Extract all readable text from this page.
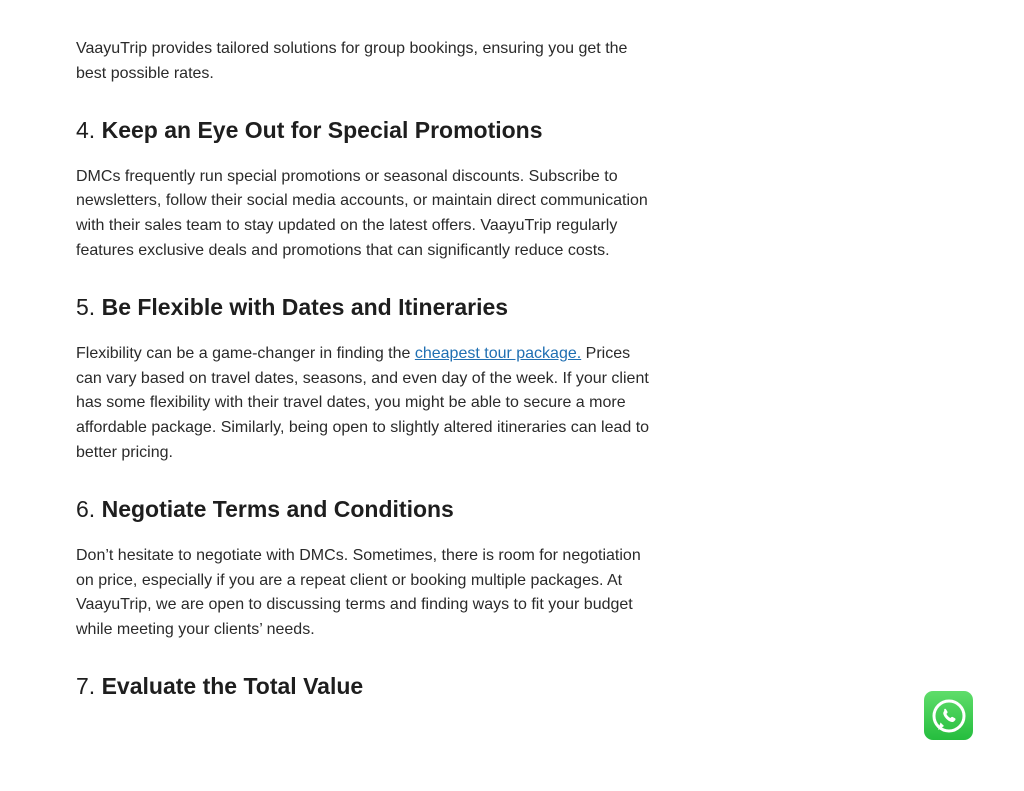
VaayuTrip provides tailored solutions for group bookings, ensuring you get the best possible rates.

4. Keep an Eye Out for Special Promotions

DMCs frequently run special promotions or seasonal discounts. Subscribe to newsletters, follow their social media accounts, or maintain direct communication with their sales team to stay updated on the latest offers. VaayuTrip regularly features exclusive deals and promotions that can significantly reduce costs.

5. Be Flexible with Dates and Itineraries

Flexibility can be a game-changer in finding the cheapest tour package. Prices can vary based on travel dates, seasons, and even day of the week. If your client has some flexibility with their travel dates, you might be able to secure a more affordable package. Similarly, being open to slightly altered itineraries can lead to better pricing.

6. Negotiate Terms and Conditions

Don’t hesitate to negotiate with DMCs. Sometimes, there is room for negotiation on price, especially if you are a repeat client or booking multiple packages. At VaayuTrip, we are open to discussing terms and finding ways to fit your budget while meeting your clients’ needs.

7. Evaluate the Total Value
